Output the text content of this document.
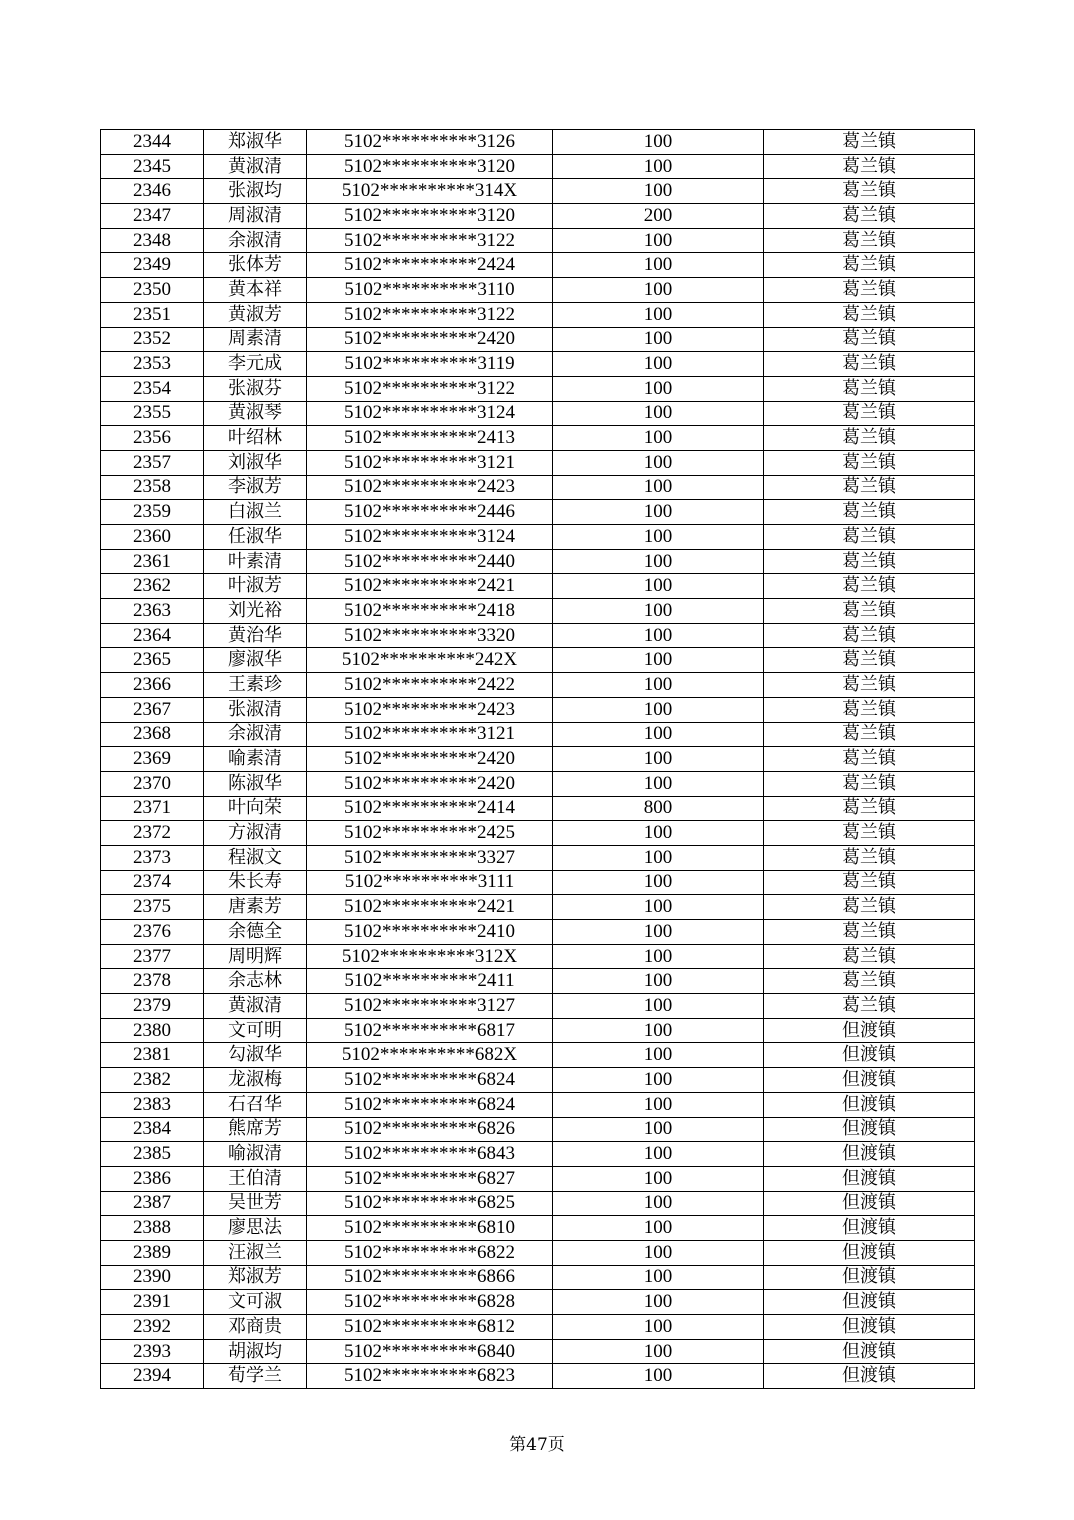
2344	郑淑华	5102**********3126	100	葛兰镇
2345	黄淑清	5102**********3120	100	葛兰镇
2346	张淑均	5102**********314X	100	葛兰镇
2347	周淑清	5102**********3120	200	葛兰镇
2348	余淑清	5102**********3122	100	葛兰镇
2349	张体芳	5102**********2424	100	葛兰镇
2350	黄本祥	5102**********3110	100	葛兰镇
2351	黄淑芳	5102**********3122	100	葛兰镇
2352	周素清	5102**********2420	100	葛兰镇
2353	李元成	5102**********3119	100	葛兰镇
2354	张淑芬	5102**********3122	100	葛兰镇
2355	黄淑琴	5102**********3124	100	葛兰镇
2356	叶绍林	5102**********2413	100	葛兰镇
2357	刘淑华	5102**********3121	100	葛兰镇
2358	李淑芳	5102**********2423	100	葛兰镇
2359	白淑兰	5102**********2446	100	葛兰镇
2360	任淑华	5102**********3124	100	葛兰镇
2361	叶素清	5102**********2440	100	葛兰镇
2362	叶淑芳	5102**********2421	100	葛兰镇
2363	刘光裕	5102**********2418	100	葛兰镇
2364	黄治华	5102**********3320	100	葛兰镇
2365	廖淑华	5102**********242X	100	葛兰镇
2366	王素珍	5102**********2422	100	葛兰镇
2367	张淑清	5102**********2423	100	葛兰镇
2368	余淑清	5102**********3121	100	葛兰镇
2369	喻素清	5102**********2420	100	葛兰镇
2370	陈淑华	5102**********2420	100	葛兰镇
2371	叶向荣	5102**********2414	800	葛兰镇
2372	方淑清	5102**********2425	100	葛兰镇
2373	程淑文	5102**********3327	100	葛兰镇
2374	朱长寿	5102**********3111	100	葛兰镇
2375	唐素芳	5102**********2421	100	葛兰镇
2376	余德全	5102**********2410	100	葛兰镇
2377	周明辉	5102**********312X	100	葛兰镇
2378	余志林	5102**********2411	100	葛兰镇
2379	黄淑清	5102**********3127	100	葛兰镇
2380	文可明	5102**********6817	100	但渡镇
2381	勾淑华	5102**********682X	100	但渡镇
2382	龙淑梅	5102**********6824	100	但渡镇
2383	石召华	5102**********6824	100	但渡镇
2384	熊席芳	5102**********6826	100	但渡镇
2385	喻淑清	5102**********6843	100	但渡镇
2386	王伯清	5102**********6827	100	但渡镇
2387	吴世芳	5102**********6825	100	但渡镇
2388	廖思法	5102**********6810	100	但渡镇
2389	汪淑兰	5102**********6822	100	但渡镇
2390	郑淑芳	5102**********6866	100	但渡镇
2391	文可淑	5102**********6828	100	但渡镇
2392	邓商贵	5102**********6812	100	但渡镇
2393	胡淑均	5102**********6840	100	但渡镇
2394	荀学兰	5102**********6823	100	但渡镇
第47页
